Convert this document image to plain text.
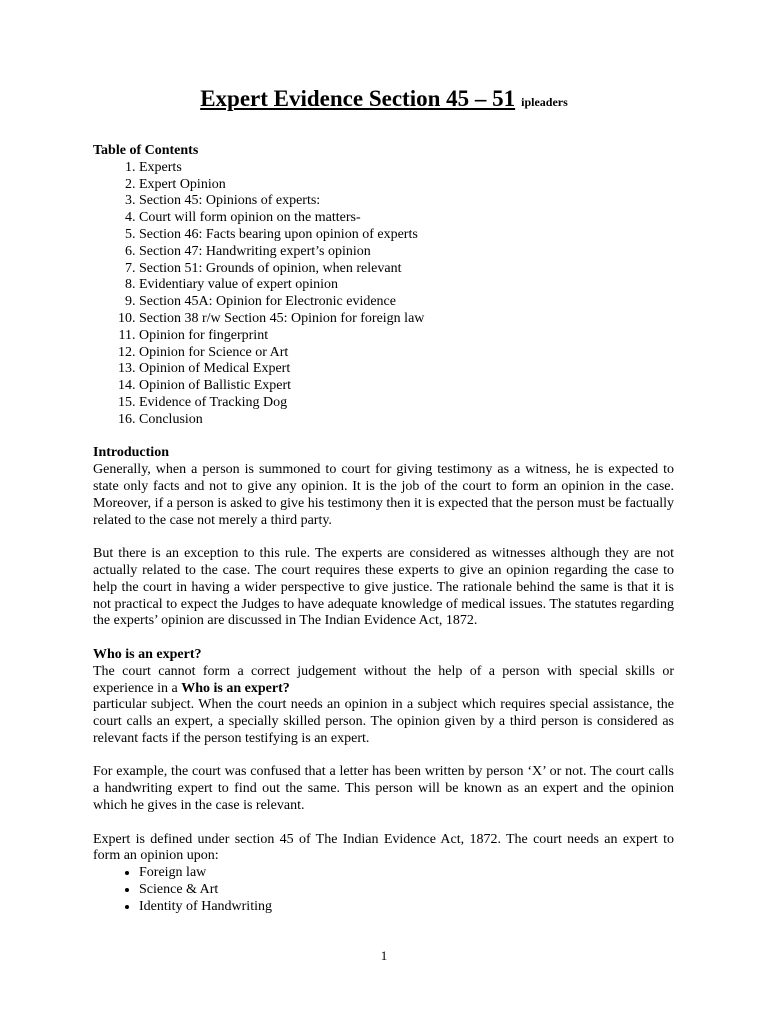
Expert Evidence Section 45 – 51 ipleaders
Table of Contents
1. Experts
2. Expert Opinion
3. Section 45: Opinions of experts:
4. Court will form opinion on the matters-
5. Section 46: Facts bearing upon opinion of experts
6. Section 47: Handwriting expert’s opinion
7. Section 51: Grounds of opinion, when relevant
8. Evidentiary value of expert opinion
9. Section 45A: Opinion for Electronic evidence
10. Section 38 r/w Section 45: Opinion for foreign law
11. Opinion for fingerprint
12. Opinion for Science or Art
13. Opinion of Medical Expert
14. Opinion of Ballistic Expert
15. Evidence of Tracking Dog
16. Conclusion
Introduction

Generally, when a person is summoned to court for giving testimony as a witness, he is expected to state only facts and not to give any opinion. It is the job of the court to form an opinion in the case. Moreover, if a person is asked to give his testimony then it is expected that the person must be factually related to the case not merely a third party.

But there is an exception to this rule. The experts are considered as witnesses although they are not actually related to the case. The court requires these experts to give an opinion regarding the case to help the court in having a wider perspective to give justice. The rationale behind the same is that it is not practical to expect the Judges to have adequate knowledge of medical issues. The statutes regarding the experts’ opinion are discussed in The Indian Evidence Act, 1872.

Who is an expert?

The court cannot form a correct judgement without the help of a person with special skills or experience in a Who is an expert?

particular subject. When the court needs an opinion in a subject which requires special assistance, the court calls an expert, a specially skilled person. The opinion given by a third person is considered as relevant facts if the person testifying is an expert.

For example, the court was confused that a letter has been written by person ‘X’ or not. The court calls a handwriting expert to find out the same. This person will be known as an expert and the opinion which he gives in the case is relevant.

Expert is defined under section 45 of The Indian Evidence Act, 1872. The court needs an expert to form an opinion upon:

• Foreign law
• Science & Art
• Identity of Handwriting
1
